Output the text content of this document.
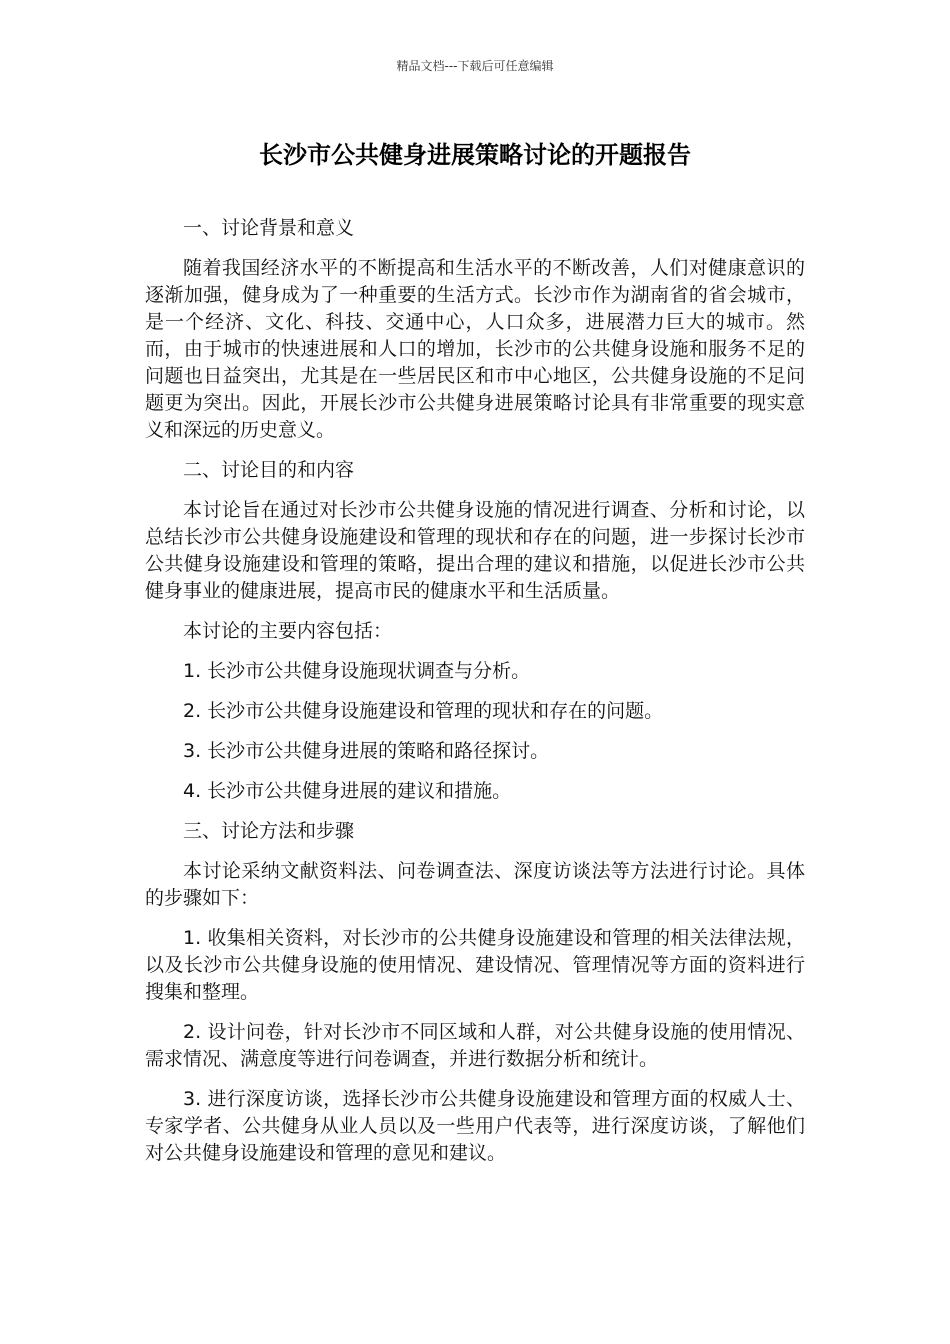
精品文档---下载后可任意编辑
长沙市公共健身进展策略讨论的开题报告

一、讨论背景和意义

随着我国经济水平的不断提高和生活水平的不断改善，人们对健康意识的逐渐加强，健身成为了一种重要的生活方式。长沙市作为湖南省的省会城市，是一个经济、文化、科技、交通中心，人口众多，进展潜力巨大的城市。然而，由于城市的快速进展和人口的增加，长沙市的公共健身设施和服务不足的问题也日益突出，尤其是在一些居民区和市中心地区，公共健身设施的不足问题更为突出。因此，开展长沙市公共健身进展策略讨论具有非常重要的现实意义和深远的历史意义。

二、讨论目的和内容

本讨论旨在通过对长沙市公共健身设施的情况进行调查、分析和讨论，以总结长沙市公共健身设施建设和管理的现状和存在的问题，进一步探讨长沙市公共健身设施建设和管理的策略，提出合理的建议和措施，以促进长沙市公共健身事业的健康进展，提高市民的健康水平和生活质量。

本讨论的主要内容包括：

1. 长沙市公共健身设施现状调查与分析。

2. 长沙市公共健身设施建设和管理的现状和存在的问题。

3. 长沙市公共健身进展的策略和路径探讨。

4. 长沙市公共健身进展的建议和措施。

三、讨论方法和步骤

本讨论采纳文献资料法、问卷调查法、深度访谈法等方法进行讨论。具体的步骤如下：

1. 收集相关资料，对长沙市的公共健身设施建设和管理的相关法律法规，以及长沙市公共健身设施的使用情况、建设情况、管理情况等方面的资料进行搜集和整理。

2. 设计问卷，针对长沙市不同区域和人群，对公共健身设施的使用情况、需求情况、满意度等进行问卷调查，并进行数据分析和统计。

3. 进行深度访谈，选择长沙市公共健身设施建设和管理方面的权威人士、专家学者、公共健身从业人员以及一些用户代表等，进行深度访谈，了解他们对公共健身设施建设和管理的意见和建议。
